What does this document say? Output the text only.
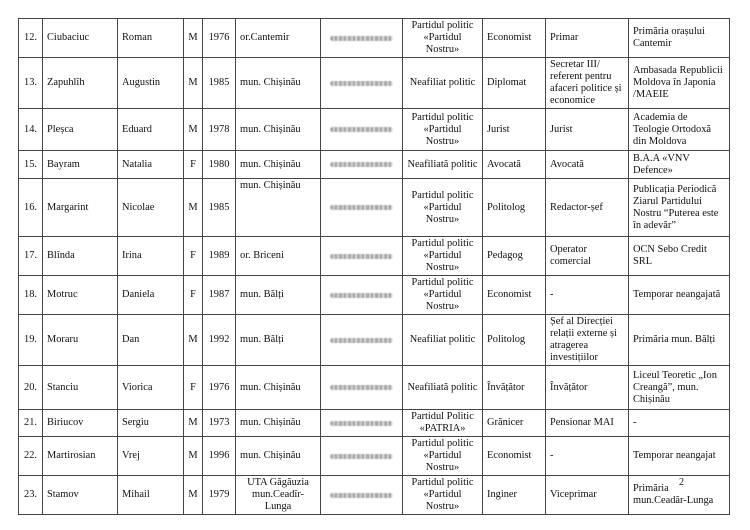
12.	Ciubaciuc	Roman	M	1976	or.Cantemir		Partidul politic «Partidul Nostru»	Economist	Primar	Primăria orașului Cantemir
13.	Zapuhlîh	Augustin	M	1985	mun. Chișinău		Neafiliat politic	Diplomat	Secretar III/ referent pentru afaceri politice și economice	Ambasada Republicii Moldova în Japonia /MAEIE
14.	Pleșca	Eduard	M	1978	mun. Chișinău		Partidul politic «Partidul Nostru»	Jurist	Jurist	Academia de Teologie Ortodoxă din Moldova
15.	Bayram	Natalia	F	1980	mun. Chișinău		Neafiliată politic	Avocată	Avocată	B.A.A «VNV Defence»
16.	Margarint	Nicolae	M	1985	mun. Chișinău		Partidul politic «Partidul Nostru»	Politolog	Redactor-șef	Publicația Periodică Ziarul Partidului Nostru “Puterea este în adevăr”
17.	Blînda	Irina	F	1989	or. Briceni		Partidul politic «Partidul Nostru»	Pedagog	Operator comercial	OCN Sebo Credit SRL
18.	Motruc	Daniela	F	1987	mun. Bălți		Partidul politic «Partidul Nostru»	Economist	-	Temporar neangajată
19.	Moraru	Dan	M	1992	mun. Bălți		Neafiliat politic	Politolog	Șef al Direcției relații externe și atragerea investițiilor	Primăria mun. Bălți
20.	Stanciu	Viorica	F	1976	mun. Chișinău		Neafiliată politic	Învățător	Învățător	Liceul Teoretic „Ion Creangă”, mun. Chișinău
21.	Biriucov	Sergiu	M	1973	mun. Chișinău		Partidul Politic «PATRIA»	Grănicer	Pensionar MAI	-
22.	Martirosian	Vrej	M	1996	mun. Chișinău		Partidul politic «Partidul Nostru»	Economist	-	Temporar neangajat
23.	Stamov	Mihail	M	1979	UTA Găgăuzia mun.Ceadîr-Lunga		Partidul politic «Partidul Nostru»	Inginer	Viceprimar	Primăria mun.Ceadăr-Lunga
2
